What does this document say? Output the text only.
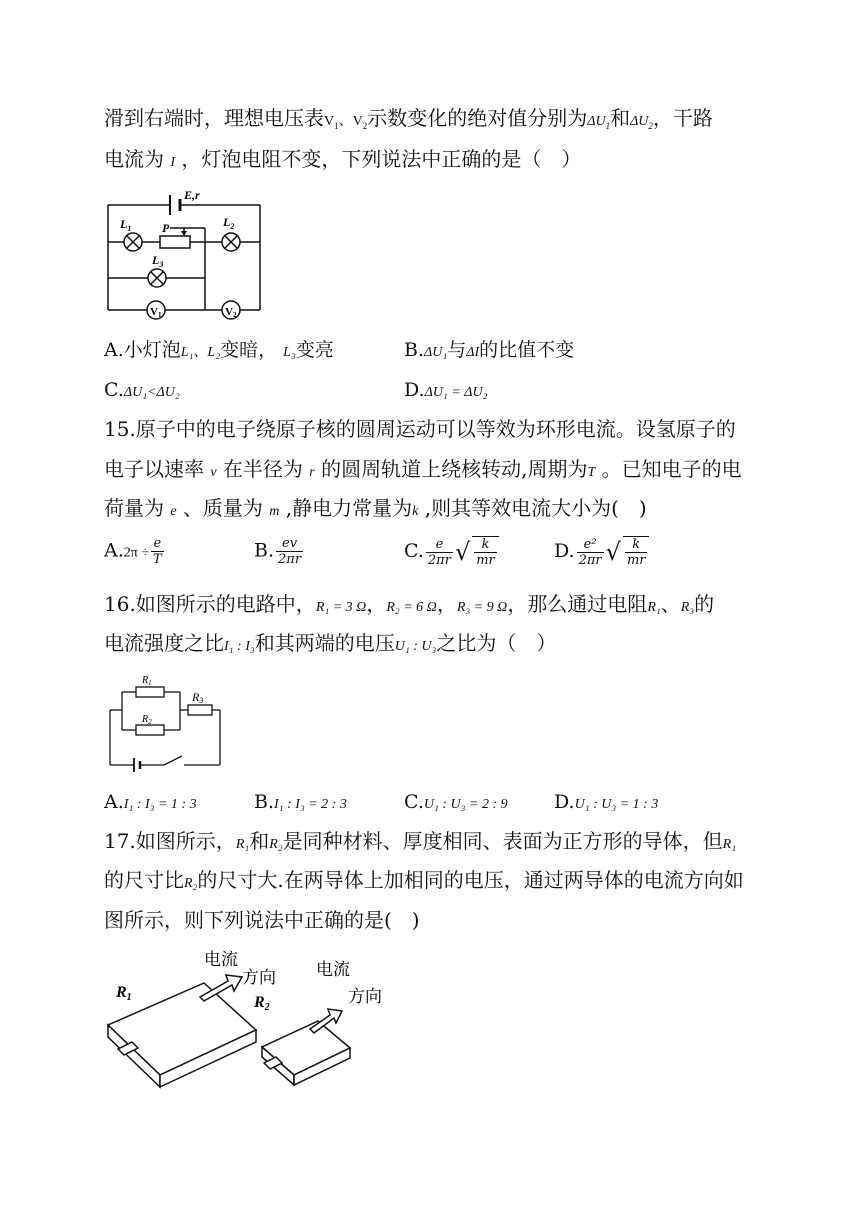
滑到右端时，理想电压表$V_1$、$V_2$示数变化的绝对值分别为$\Delta U_1$和$\Delta U_2$，干路
电流为 I ，灯泡电阻不变，下列说法中正确的是（　）
E,r
$L_1$	$L_2$
$L_3$
P
V1	V2
A.小灯泡L₁、L₂变暗， L₃变亮	B.ΔU₁与ΔI的比值不变
C.ΔU₁<ΔU₂	D.ΔU₁ = ΔU₂
15.原子中的电子绕原子核的圆周运动可以等效为环形电流。设氢原子的
电子以速率 v 在半径为 r 的圆周轨道上绕核转动,周期为T 。已知电子的电
荷量为 e 、质量为 m ,静电力常量为k ,则其等效电流大小为(　)
$A.2\pi \div \frac{e}{T}$	B. $\frac{ev}{2\pi r}$	C. $\frac{e}{2\pi r}$ √ $\frac{k}{mr}$	D. $\frac{\text{e²}}{2\pi r}$ √ $\frac{k}{mr}$
16.如图所示的电路中，R₁ = 3 Ω，R₂ = 6 Ω，R₃ = 9 Ω，那么通过电阻R₁、R₃的
电流强度之比I₁ : I₃和其两端的电压U₁ : U₃之比为（　）
$R_1$
$R_2$
R3
A.I₁ : I₃ = 1 : 3	B.I₁ : I₃ = 2 : 3	C.U₁ : U₃ = 2 : 9 D.U₁ : U₃ = 1 : 3
17.如图所示，R₁和R₂是同种材料、厚度相同、表面为正方形的导体，但R₁
的尺寸比R₂的尺寸大.在两导体上加相同的电压，通过两导体的电流方向如
图所示，则下列说法中正确的是(　)
R1	R2
电流
方向 电流
方向
